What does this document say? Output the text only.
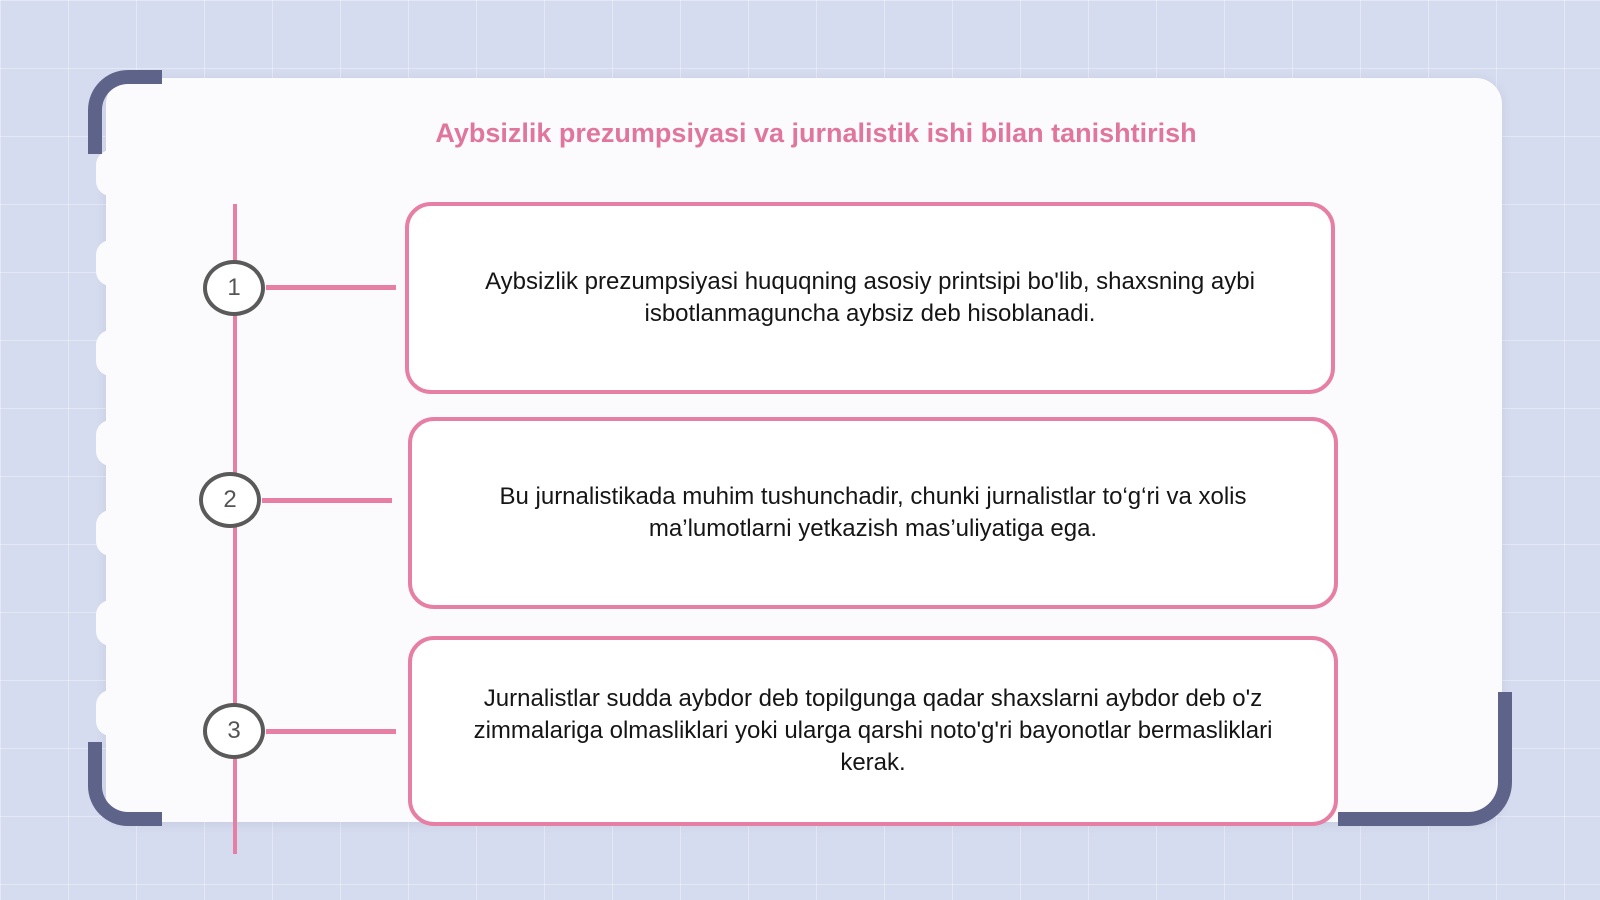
Aybsizlik prezumpsiyasi va jurnalistik ishi bilan tanishtirish
1
2
3
Aybsizlik prezumpsiyasi huquqning asosiy printsipi bo'lib, shaxsning aybi isbotlanmaguncha aybsiz deb hisoblanadi.
Bu jurnalistikada muhim tushunchadir, chunki jurnalistlar to‘g‘ri va xolis ma’lumotlarni yetkazish mas’uliyatiga ega.
Jurnalistlar sudda aybdor deb topilgunga qadar shaxslarni aybdor deb o'z zimmalariga olmasliklari yoki ularga qarshi noto'g'ri bayonotlar bermasliklari kerak.
